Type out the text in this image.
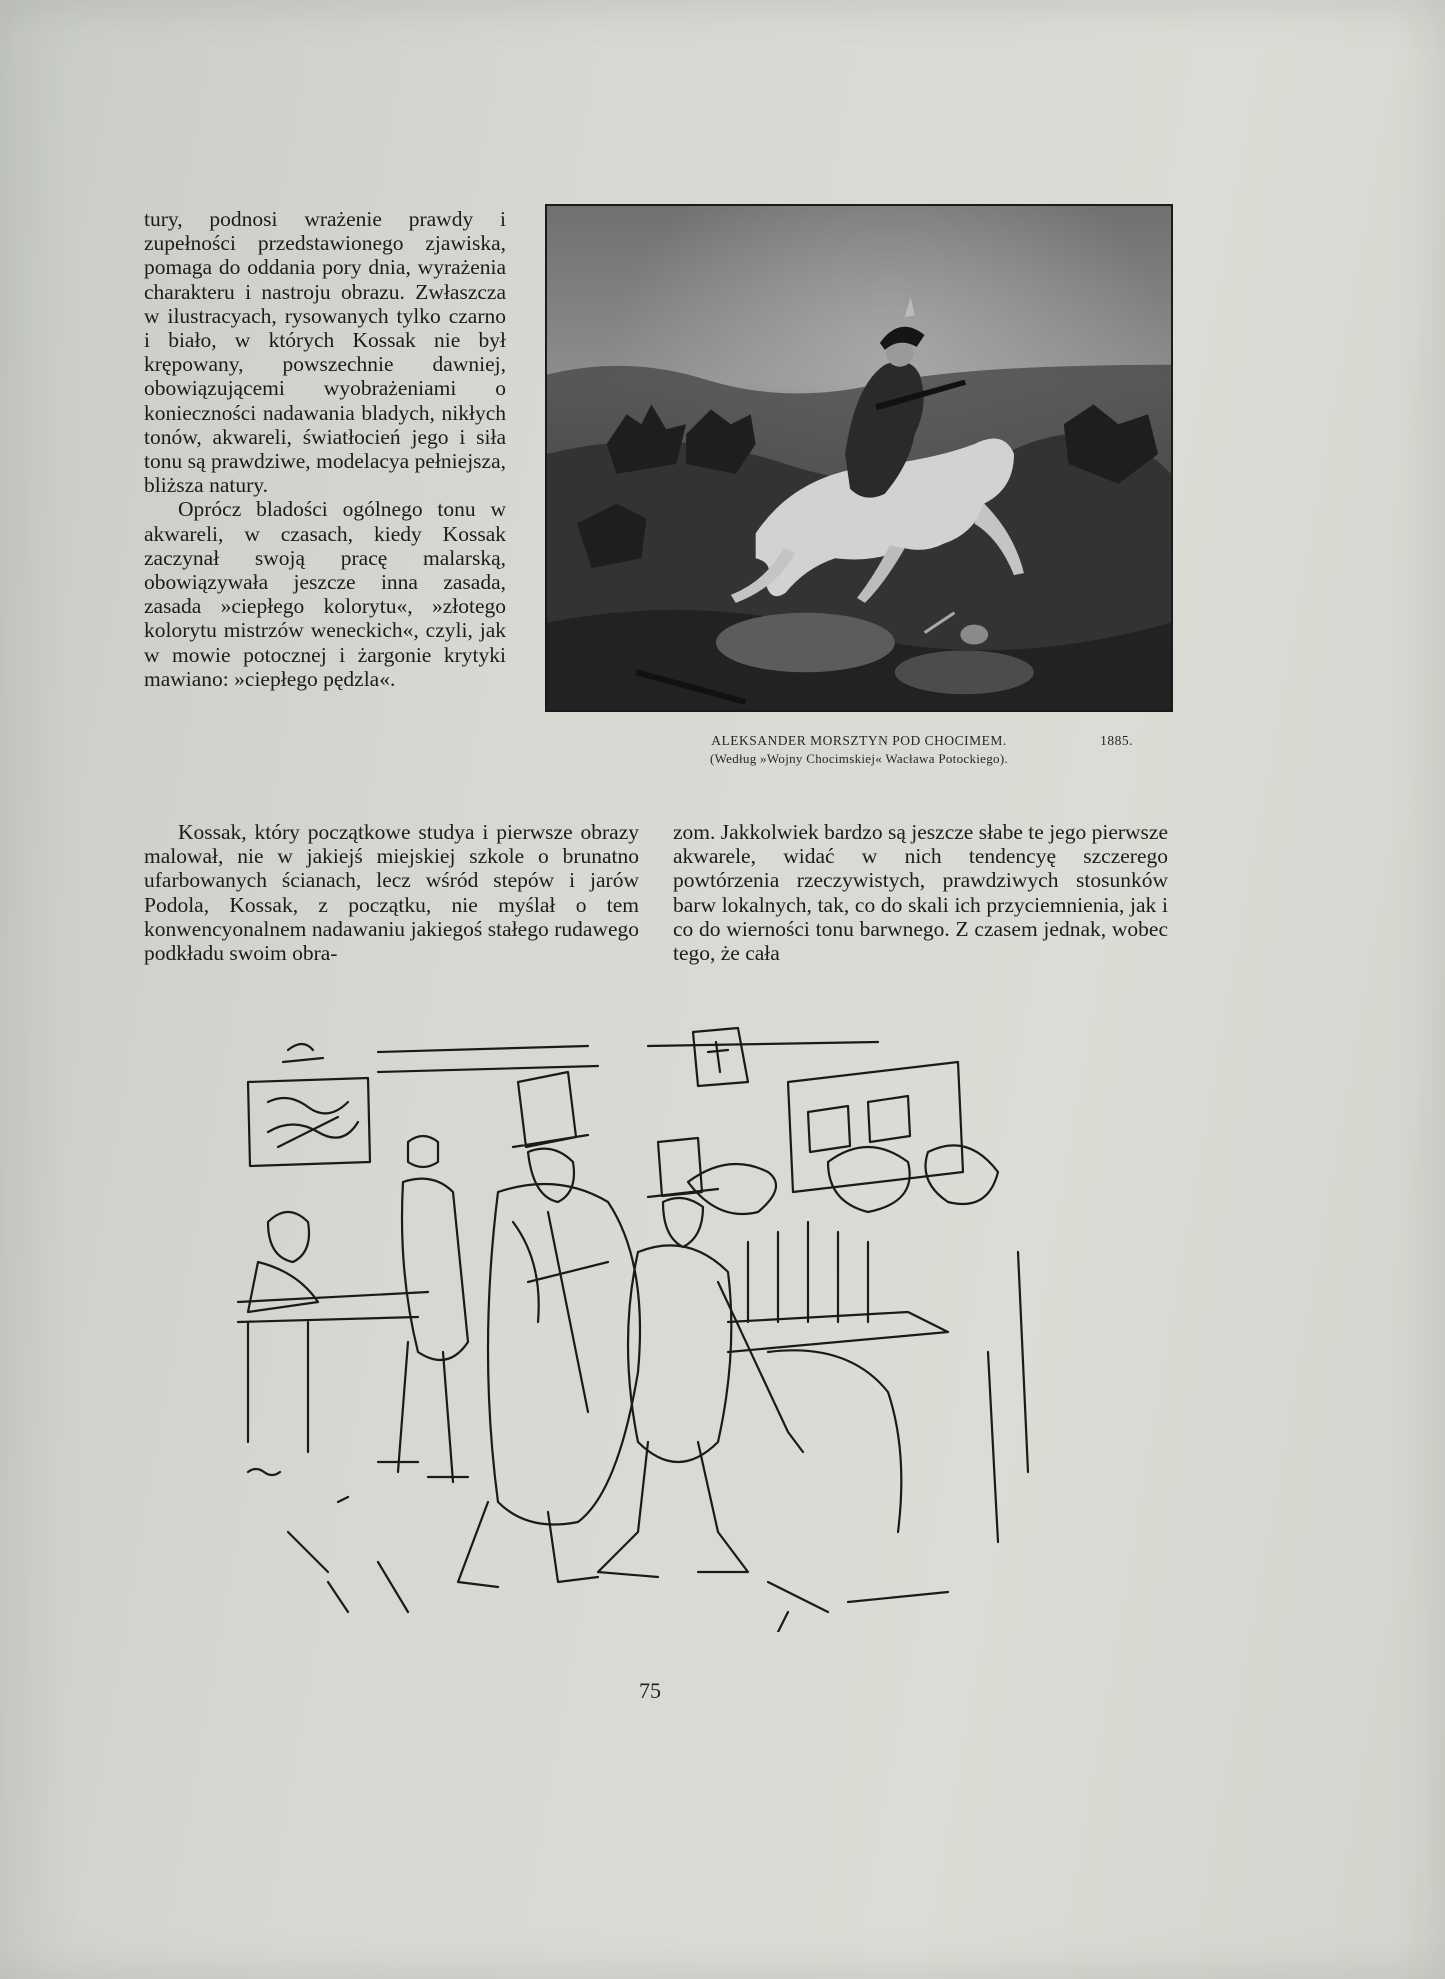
tury, podnosi wrażenie prawdy i zupełności przedstawionego zjawiska, pomaga do oddania pory dnia, wyrażenia charakteru i nastroju obrazu. Zwłaszcza w ilustracyach, rysowanych tylko czarno i biało, w których Kossak nie był krępowany, powszechnie dawniej, obowiązującemi wyobrażeniami o konieczności nadawania bladych, nikłych tonów, akwareli, światłocień jego i siła tonu są prawdziwe, modelacya pełniejsza, bliższa natury.

Oprócz bladości ogólnego tonu w akwareli, w czasach, kiedy Kossak zaczynał swoją pracę malarską, obowiązywała jeszcze inna zasada, zasada »ciepłego kolorytu«, »złotego kolorytu mistrzów weneckich«, czyli, jak w mowie potocznej i żargonie krytyki mawiano: »ciepłego pędzla«.

ALEKSANDER MORSZTYN POD CHOCIMEM.	1885.
(Według »Wojny Chocimskiej« Wacława Potockiego).

Kossak, który początkowe studya i pierwsze obrazy malował, nie w jakiejś miejskiej szkole o brunatno ufarbowanych ścianach, lecz wśród stepów i jarów Podola, Kossak, z początku, nie myślał o tem konwencyonalnem nadawaniu jakiegoś stałego rudawego podkładu swoim obra-

zom. Jakkolwiek bardzo są jeszcze słabe te jego pierwsze akwarele, widać w nich tendencyę szczerego powtórzenia rzeczywistych, prawdziwych stosunków barw lokalnych, tak, co do skali ich przyciemnienia, jak i co do wierności tonu barwnego. Z czasem jednak, wobec tego, że cała

75
